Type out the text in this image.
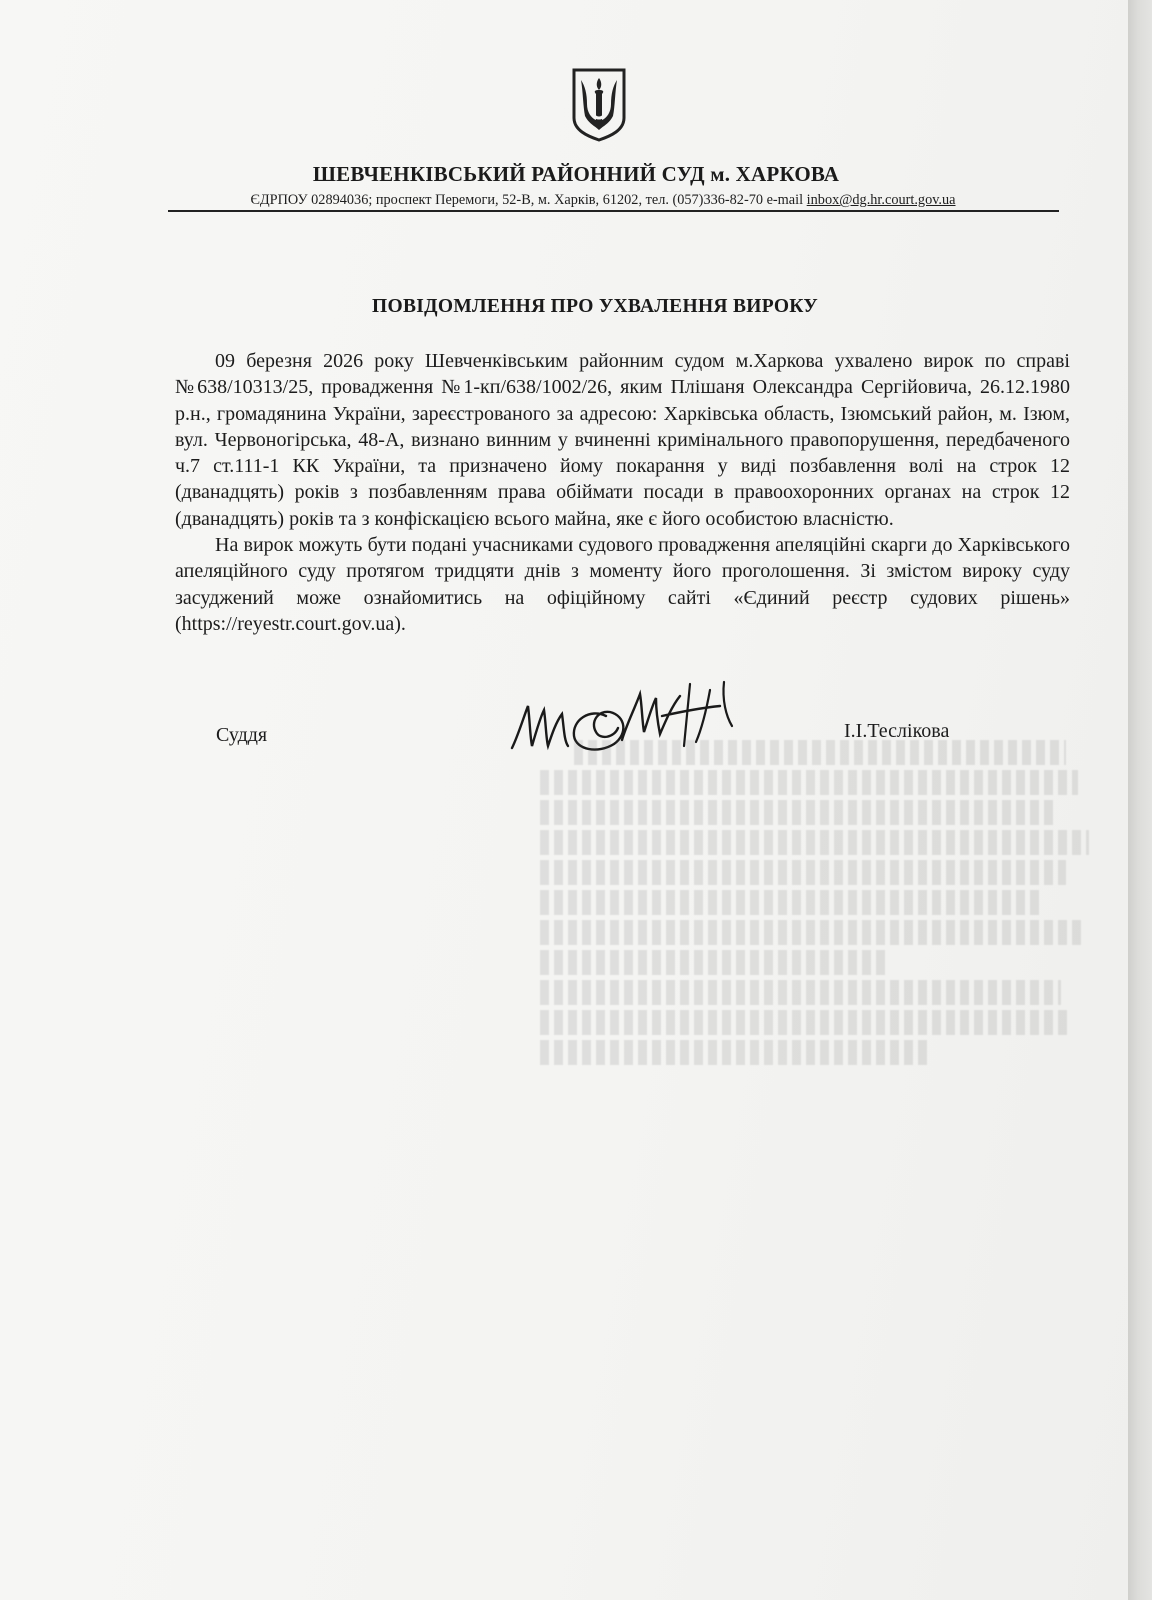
ШЕВЧЕНКІВСЬКИЙ РАЙОННИЙ СУД м. ХАРКОВА
ЄДРПОУ 02894036; проспект Перемоги, 52-В, м. Харків, 61202, тел. (057)336-82-70 e-mail inbox@dg.hr.court.gov.ua
ПОВІДОМЛЕННЯ ПРО УХВАЛЕННЯ ВИРОКУ

09 березня 2026 року Шевченківським районним судом м.Харкова ухвалено вирок по справі №638/10313/25, провадження №1-кп/638/1002/26, яким Плішаня Олександра Сергійовича, 26.12.1980 р.н., громадянина України, зареєстрованого за адресою: Харківська область, Ізюмський район, м. Ізюм, вул. Червоногірська, 48-А, визнано винним у вчиненні кримінального правопорушення, передбаченого ч.7 ст.111-1 КК України, та призначено йому покарання у виді позбавлення волі на строк 12 (дванадцять) років з позбавленням права обіймати посади в правоохоронних органах на строк 12 (дванадцять) років та з конфіскацією всього майна, яке є його особистою власністю.

На вирок можуть бути подані учасниками судового провадження апеляційні скарги до Харківського апеляційного суду протягом тридцяти днів з моменту його проголошення. Зі змістом вироку суду засуджений може ознайомитись на офіційному сайті «Єдиний реєстр судових рішень» (https://reyestr.court.gov.ua).

Суддя	І.І.Теслікова
